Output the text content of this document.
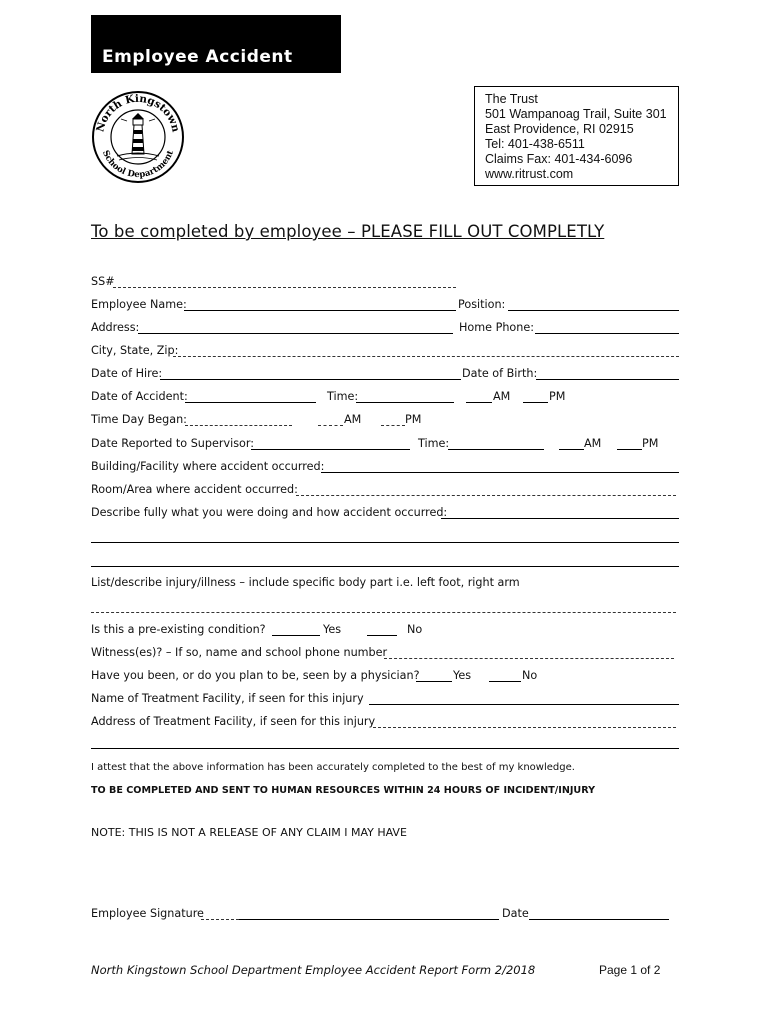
Employee Accident
North Kingstown
School Department
The Trust
501 Wampanoag Trail, Suite 301
East Providence, RI 02915
Tel: 401-438-6511
Claims Fax: 401-434-6096
www.ritrust.com
To be completed by employee – PLEASE FILL OUT COMPLETLY
SS#
Employee Name:	Position:
Address:	Home Phone:
City, State, Zip:
Date of Hire:	Date of Birth:
Date of Accident:	Time:	AM	PM
Time Day Began:	AM	PM
Date Reported to Supervisor:	Time:	AM	PM
Building/Facility where accident occurred:
Room/Area where accident occurred:
Describe fully what you were doing and how accident occurred:
List/describe injury/illness – include specific body part i.e. left foot, right arm
Is this a pre-existing condition?	Yes	No
Witness(es)? – If so, name and school phone number
Have you been, or do you plan to be, seen by a physician?	Yes	No
Name of Treatment Facility, if seen for this injury
Address of Treatment Facility, if seen for this injury
I attest that the above information has been accurately completed to the best of my knowledge.
TO BE COMPLETED AND SENT TO HUMAN RESOURCES WITHIN 24 HOURS OF INCIDENT/INJURY
NOTE: THIS IS NOT A RELEASE OF ANY CLAIM I MAY HAVE
Employee Signature	Date
North Kingstown School Department Employee Accident Report Form 2/2018	Page 1 of 2
